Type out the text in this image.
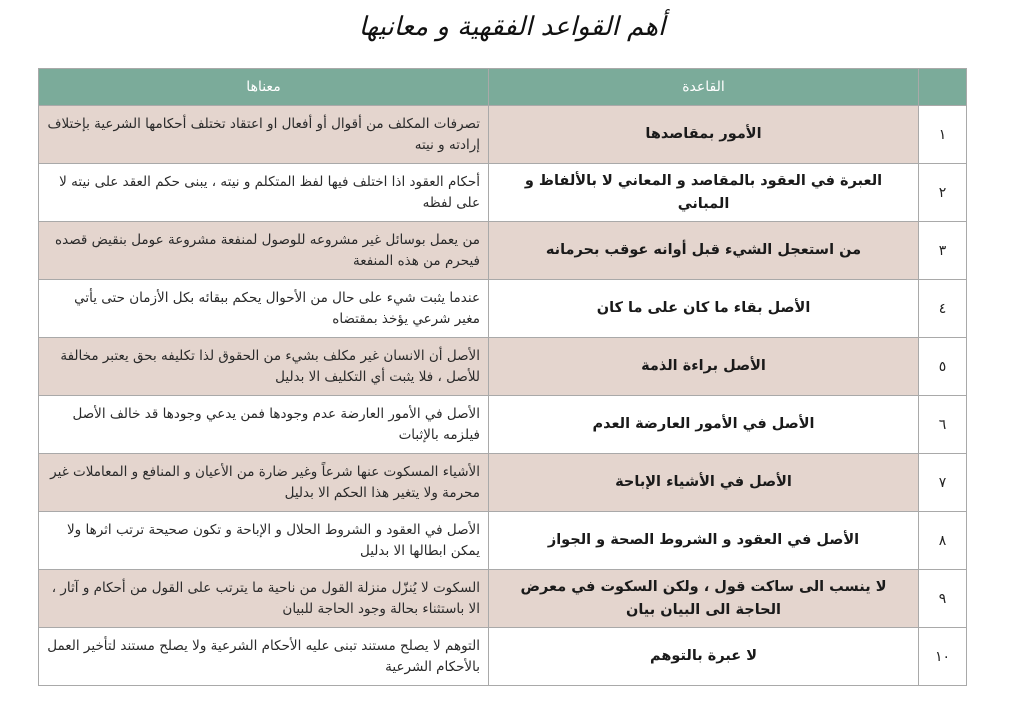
أهم القواعد الفقهية و معانيها
	القاعدة	معناها
١	الأمور بمقاصدها	تصرفات المكلف من أقوال أو أفعال او اعتقاد تختلف أحكامها الشرعية بإختلاف إرادته و نيته
٢	العبرة في العقود بالمقاصد و المعاني لا بالألفاظ و المباني	أحكام العقود اذا اختلف فيها لفظ المتكلم و نيته ، يبنى حكم العقد على نيته لا على لفظه
٣	من استعجل الشيء قبل أوانه عوقب بحرمانه	من يعمل بوسائل غير مشروعه للوصول لمنفعة مشروعة عومل بنقيض قصده فيحرم من هذه المنفعة
٤	الأصل بقاء ما كان على ما كان	عندما يثبت شيء على حال من الأحوال يحكم ببقائه بكل الأزمان حتى يأتي مغير شرعي يؤخذ بمقتضاه
٥	الأصل براءة الذمة	الأصل أن الانسان غير مكلف بشيء من الحقوق لذا تكليفه بحق يعتبر مخالفة للأصل ، فلا يثبت أي التكليف الا بدليل
٦	الأصل في الأمور العارضة العدم	الأصل في الأمور العارضة عدم وجودها فمن يدعي وجودها قد خالف الأصل فيلزمه بالإثبات
٧	الأصل في الأشياء الإباحة	الأشياء المسكوت عنها شرعاً وغير ضارة من الأعيان و المنافع و المعاملات غير محرمة ولا يتغير هذا الحكم الا بدليل
٨	الأصل في العقود و الشروط الصحة و الجواز	الأصل في العقود و الشروط الحلال و الإباحة و تكون صحيحة ترتب اثرها ولا يمكن ابطالها الا بدليل
٩	لا ينسب الى ساكت قول ، ولكن السكوت في معرض الحاجة الى البيان بيان	السكوت لا يُنزّل منزلة القول من ناحية ما يترتب على القول من أحكام و آثار ، الا باستثناء بحالة وجود الحاجة للبيان
١٠	لا عبرة بالتوهم	التوهم لا يصلح مستند تبنى عليه الأحكام الشرعية ولا يصلح مستند لتأخير العمل بالأحكام الشرعية
